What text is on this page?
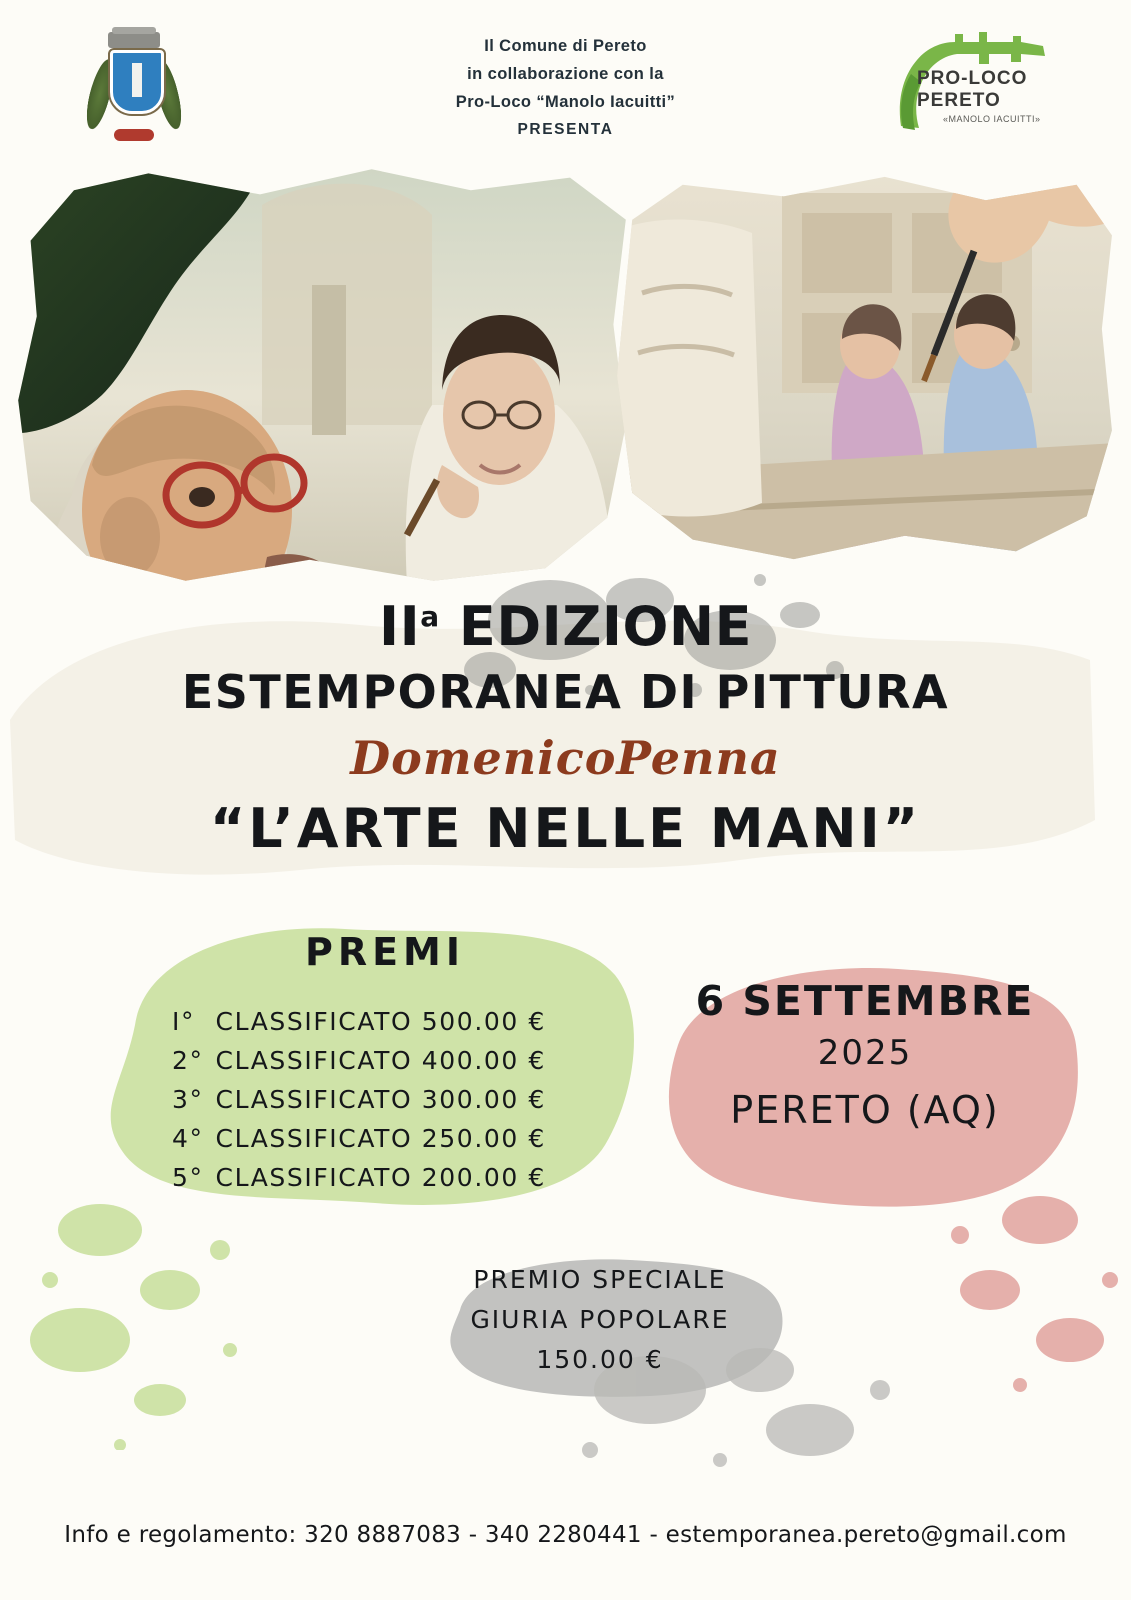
Il Comune di Pereto
in collaborazione con la
Pro-Loco “Manolo Iacuitti”
PRESENTA
PRO-LOCO
PERETO
«MANOLO IACUITTI»
$II^a$ EDIZIONE
ESTEMPORANEA DI PITTURA
DomenicoPenna
“L’ARTE NELLE MANI”
PREMI
I° CLASSIFICATO 500.00 €
2° CLASSIFICATO 400.00 €
3° CLASSIFICATO 300.00 €
4° CLASSIFICATO 250.00 €
5° CLASSIFICATO 200.00 €
6 SETTEMBRE
2025
PERETO (AQ)
PREMIO SPECIALE
GIURIA POPOLARE
150.00 €
Info e regolamento: 320 8887083 - 340 2280441 - estemporanea.pereto@gmail.com
